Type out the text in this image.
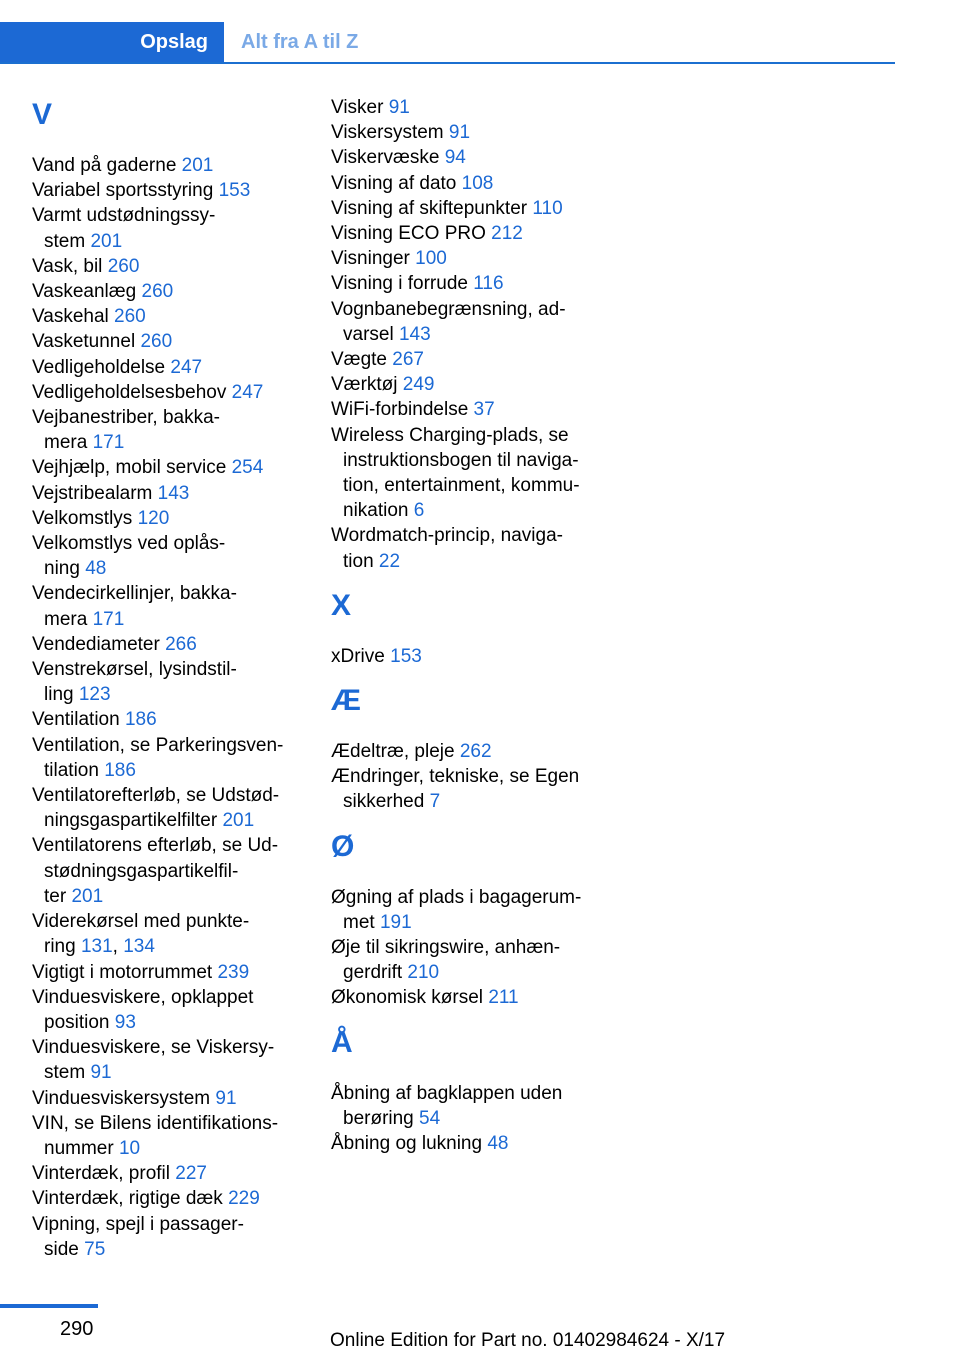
Opslag	Alt fra A til Z
V
Vand på gaderne 201
Variabel sportsstyring 153
Varmt udstødningssy-
stem 201
Vask, bil 260
Vaskeanlæg 260
Vaskehal 260
Vasketunnel 260
Vedligeholdelse 247
Vedligeholdelsesbehov 247
Vejbanestriber, bakka-
mera 171
Vejhjælp, mobil service 254
Vejstribealarm 143
Velkomstlys 120
Velkomstlys ved oplås-
ning 48
Vendecirkellinjer, bakka-
mera 171
Vendediameter 266
Venstrekørsel, lysindstil-
ling 123
Ventilation 186
Ventilation, se Parkeringsven-
tilation 186
Ventilatorefterløb, se Udstød-
ningsgaspartikelfilter 201
Ventilatorens efterløb, se Ud-
stødningsgaspartikelfil-
ter 201
Viderekørsel med punkte-
ring 131, 134
Vigtigt i motorrummet 239
Vinduesviskere, opklappet
position 93
Vinduesviskere, se Viskersy-
stem 91
Vinduesviskersystem 91
VIN, se Bilens identifikations-
nummer 10
Vinterdæk, profil 227
Vinterdæk, rigtige dæk 229
Vipning, spejl i passager-
side 75
Visker 91
Viskersystem 91
Viskervæske 94
Visning af dato 108
Visning af skiftepunkter 110
Visning ECO PRO 212
Visninger 100
Visning i forrude 116
Vognbanebegrænsning, ad-
varsel 143
Vægte 267
Værktøj 249
WiFi-forbindelse 37
Wireless Charging-plads, se
instruktionsbogen til naviga-
tion, entertainment, kommu-
nikation 6
Wordmatch-princip, naviga-
tion 22
X
xDrive 153
Æ
Ædeltræ, pleje 262
Ændringer, tekniske, se Egen
sikkerhed 7
Ø
Øgning af plads i bagagerum-
met 191
Øje til sikringswire, anhæn-
gerdrift 210
Økonomisk kørsel 211
Å
Åbning af bagklappen uden
berøring 54
Åbning og lukning 48
290
Online Edition for Part no. 01402984624 - X/17
